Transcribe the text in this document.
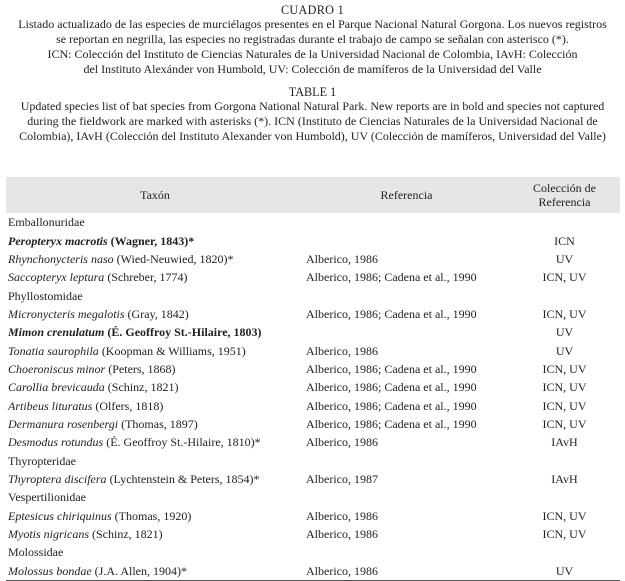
CUADRO 1

Listado actualizado de las especies de murciélagos presentes en el Parque Nacional Natural Gorgona. Los nuevos registros
se reportan en negrilla, las especies no registradas durante el trabajo de campo se señalan con asterisco (*).
ICN: Colección del Instituto de Ciencias Naturales de la Universidad Nacional de Colombia, IAvH: Colección
del Instituto Alexánder von Humbold, UV: Colección de mamíferos de la Universidad del Valle

TABLE 1

Updated species list of bat species from Gorgona National Natural Park. New reports are in bold and species not captured
during the fieldwork are marked with asterisks (*). ICN (Instituto de Ciencias Naturales de la Universidad Nacional de
Colombia), IAvH (Colección del Instituto Alexander von Humbold), UV (Colección de mamíferos, Universidad del Valle)
Taxón	Referencia	Colección de
Referencia

Emballonuridae		
Peropteryx macrotis (Wagner, 1843)*		ICN
Rhynchonycteris naso (Wied-Neuwied, 1820)*	Alberico, 1986	UV
Saccopteryx leptura (Schreber, 1774)	Alberico, 1986; Cadena et al., 1990	ICN, UV
Phyllostomidae		
Micronycteris megalotis (Gray, 1842)	Alberico, 1986; Cadena et al., 1990	ICN, UV
Mimon crenulatum (É. Geoffroy St.-Hilaire, 1803)		UV
Tonatia saurophila (Koopman & Williams, 1951)	Alberico, 1986	UV
Choeroniscus minor (Peters, 1868)	Alberico, 1986; Cadena et al., 1990	ICN, UV
Carollia brevicauda (Schinz, 1821)	Alberico, 1986; Cadena et al., 1990	ICN, UV
Artibeus lituratus (Olfers, 1818)	Alberico, 1986; Cadena et al., 1990	ICN, UV
Dermanura rosenbergi (Thomas, 1897)	Alberico, 1986; Cadena et al., 1990	ICN, UV
Desmodus rotundus (É. Geoffroy St.-Hilaire, 1810)*	Alberico, 1986	IAvH
Thyropteridae		
Thyroptera discifera (Lychtenstein & Peters, 1854)*	Alberico, 1987	IAvH
Vespertilionidae		
Eptesicus chiriquinus (Thomas, 1920)	Alberico, 1986	ICN, UV
Myotis nigricans (Schinz, 1821)	Alberico, 1986	ICN, UV
Molossidae		
Molossus bondae (J.A. Allen, 1904)*	Alberico, 1986	UV
